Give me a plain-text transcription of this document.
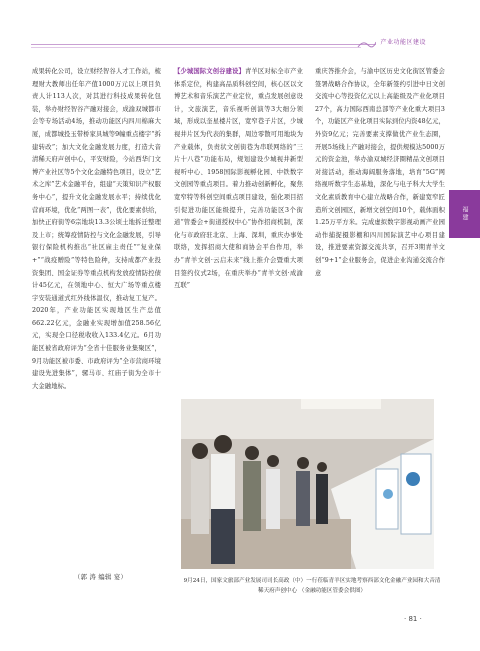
产业功能区建设
福建

成果转化公司，设立财经智谷人才工作站，梳理财大教师出任年产值1000万元以上项目负责人计113人次，对其进行科技成果转化包装，举办财经智谷产融对接会，成渝双城都市会等专场活动4场，推动功能区内四川棉麻大厦，成都城投玉带桥家具城等9幢重点楼宇“拆建转改”；加大文化金融发展力度，打造大音清稀天府声创中心，平安财险，今站西华门文博产业社区等5个文化金融特色项目，设立“艺术之库”艺术金融平台，组建“天策知识产权服务中心”，提升文化金融发展水平；持续优化营商环境，优化“两图一表”，优化要素供给，加快正府街等6宗地块13.3公顷土地拆迁整理及上市；统筹疫情防控与文化金融发展，引导银行保险机构推出“社区雇主责任”“复业保+”“战疫赠险”等特色险种，支持成都产业投资集团、国金证券等重点机构发放疫情防控债计45亿元，在领地中心、恒大广场等重点楼宇安装通道式红外线体温仪，推动复工复产。2020年，产业功能区实现地区生产总值662.22亿元，金融业实现增加值258.56亿元，实现全口径税收收入133.4亿元。6月功能区被省政府评为“全省十佳服务业集聚区”，9月功能区被市委、市政府评为“全市营商环境建设先进集体”，骡马市、红庙子街为全市十大金融地标。

【少城国际文创谷建设】青羊区对标全市产业体系定位，构建高品质科创空间，核心区以文博艺术和音乐演艺产业定位，重点发展创意设计，文旅演艺，音乐视听创演等3大细分领域，形成以奎星楼片区，宽窄巷子片区，少城视井片区为代表的集群，周边零散可用地块为产业载体，负责状文创街巷为串联网络的“三片十八巷”功能布局，规划建设少城视井新型视听中心、1958国际影视孵化园、中铁数字文创园等重点项目。着力推动创新孵化，聚焦宽窄特等科创空间重点项目建设，强化项目招引促进功能区能级提升，完善功能区3个街道“管委会+街道授权中心”协作招商机制，深化与市政府驻北京、上海、深圳，重庆办事处联络，发挥招商大使和商协会平台作用，举办“青羊文创·云启未来”线上推介会暨重大项目签约仪式2场，在重庆举办“青羊文创·成渝互联”

重庆答推介会，与渝中区历史文化街区管委会签署战略合作协议，全年新签约引进中日文创交流中心等投资亿元以上高能级及产业化项目27个，高力国际西南总部等产业化重大项目3个，功能区产业化项目实际到位内资48亿元，外资9亿元；完善要素支撑做优产业生态圈，开展5场线上产融对接会，提供规模达5000万元的资金池，举办渝双城经济圈精品文创项目对接活动，推动海阔服务落地，培育“5G”网络视听数字生态基地，深化与电子科大大学生文化素质教育中心建立战略合作，新建宽窄匠造所文创园区，新增文创空间10个，载体面积1.25万平方米。完成虚拟数字影视动画产业园动作捕捉摄影棚和四川国际演艺中心项目建设，推进要素资源交流共享，召开3期青羊文创“9+1”企业服务会，促进企业沟通交流合作意

（郭 涛 编辑 宴）	9月24日，国家文旅部产业发展司司长高政（中）一行莅临青羊区实地考察西部文化金融产业园和大音清稀天府声创中心 （金融功能区管委会供图）
· 81 ·
